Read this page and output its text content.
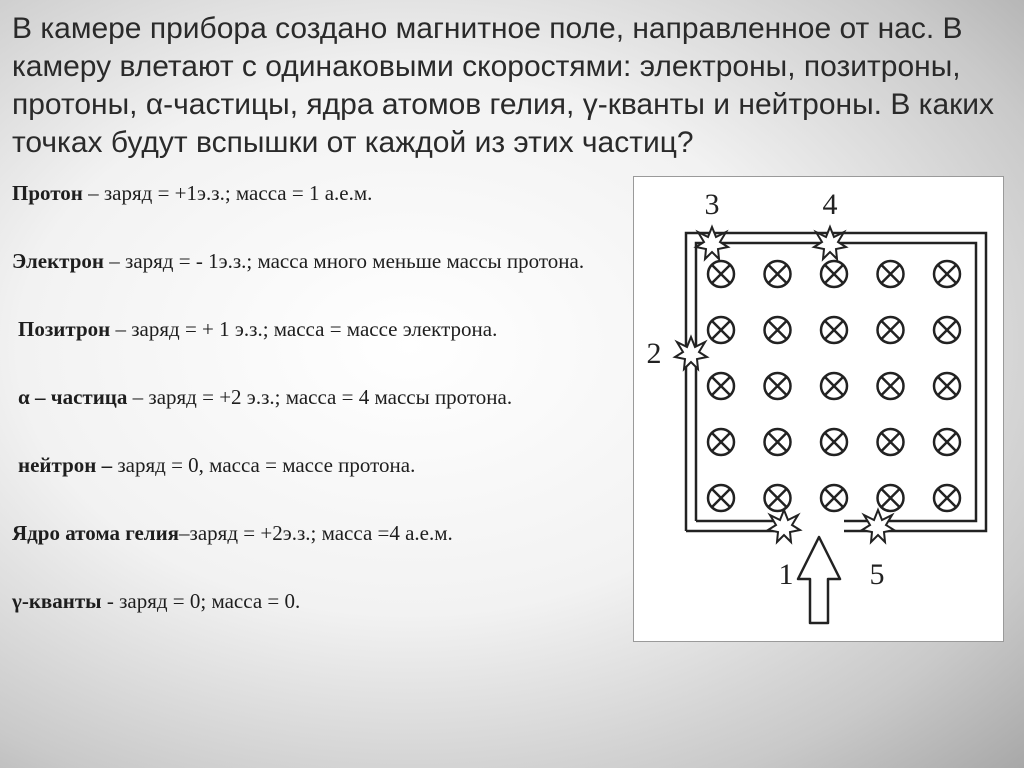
В камере прибора создано магнитное поле, направленное от нас. В камеру влетают с одинаковыми скоростями: электроны, позитроны, протоны, α-частицы, ядра атомов гелия, γ-кванты и нейтроны. В каких точках будут вспышки от каждой из этих частиц?

Протон – заряд = +1э.з.; масса = 1 а.е.м.

Электрон – заряд = - 1э.з.; масса много меньше массы протона.

Позитрон – заряд = + 1 э.з.; масса = массе электрона.

α – частица – заряд = +2 э.з.; масса = 4 массы протона.

нейтрон – заряд = 0, масса = массе протона.

Ядро атома гелия–заряд = +2э.з.; масса =4 а.е.м.

γ-кванты - заряд = 0; масса = 0.

3	4
2
1	5
